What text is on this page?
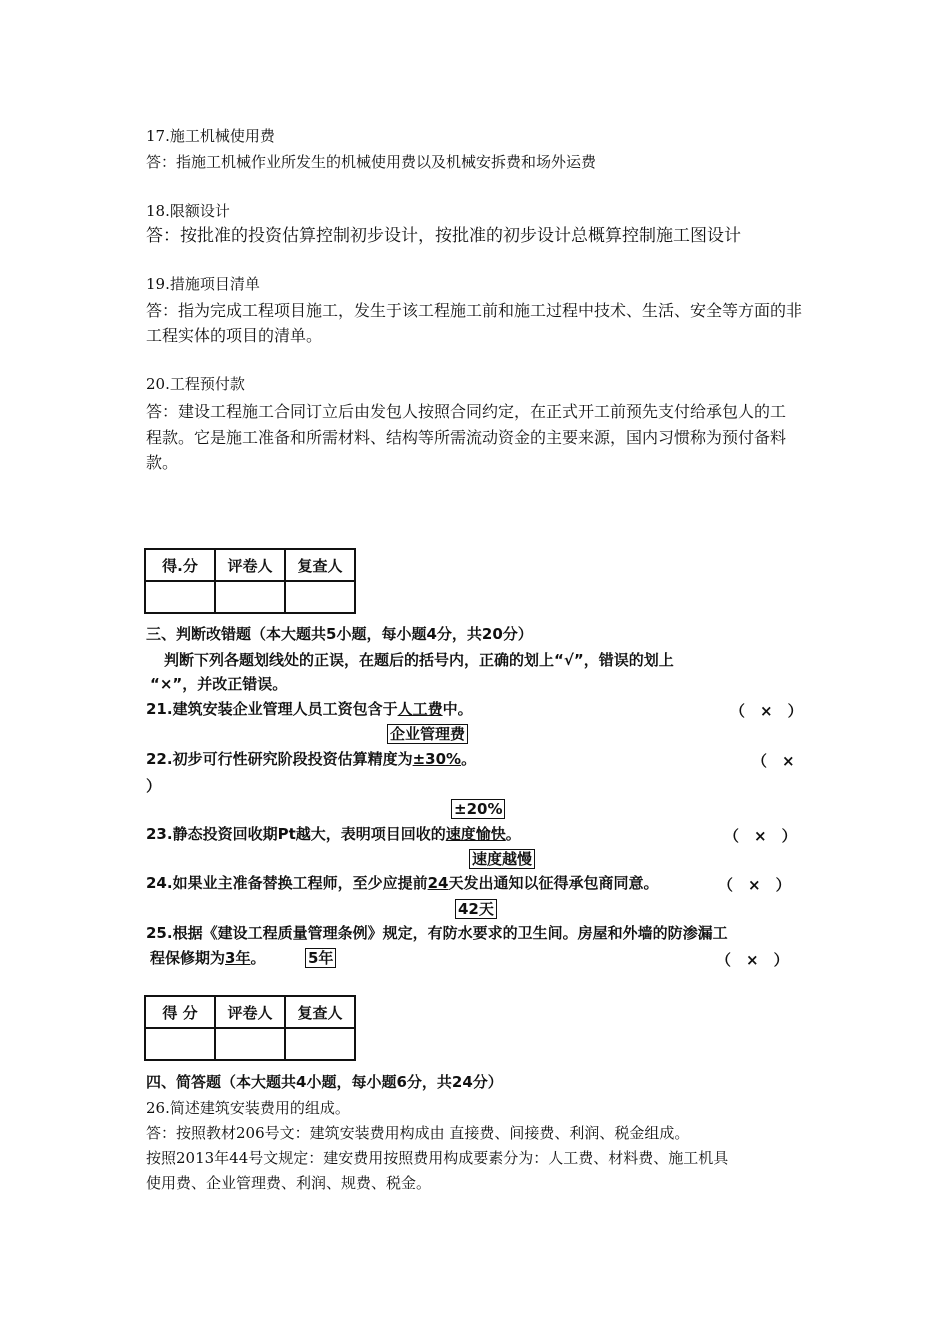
17.施工机械使用费
答：指施工机械作业所发生的机械使用费以及机械安拆费和场外运费
18.限额设计
答：按批准的投资估算控制初步设计，按批准的初步设计总概算控制施工图设计
19.措施项目清单
答：指为完成工程项目施工，发生于该工程施工前和施工过程中技术、生活、安全等方面的非
工程实体的项目的清单。
20.工程预付款
答：建设工程施工合同订立后由发包人按照合同约定，在正式开工前预先支付给承包人的工
程款。它是施工准备和所需材料、结构等所需流动资金的主要来源，国内习惯称为预付备料
款。
得.分	评卷人	复查人

三、判断改错题（本大题共5小题，每小题4分，共20分）
判断下列各题划线处的正误，在题后的括号内，正确的划上“√”，错误的划上
“×”，并改正错误。
21.建筑安装企业管理人员工资包含于人工费中。	（　×　）
企业管理费
22.初步可行性研究阶段投资估算精度为±30%。	（　×
）
±20%
23.静态投资回收期Pt越大，表明项目回收的速度愉快。	（　×　）
速度越慢
24.如果业主准备替换工程师，至少应提前24天发出通知以征得承包商同意。	（　×　）
42天
25.根据《建设工程质量管理条例》规定，有防水要求的卫生间。房屋和外墙的防渗漏工
程保修期为3年。	5年	（　×　）
得 分	评卷人	复查人

四、简答题（本大题共4小题，每小题6分，共24分）
26.简述建筑安装费用的组成。
答：按照教材206号文：建筑安装费用构成由 直接费、间接费、利润、税金组成。
按照2013年44号文规定：建安费用按照费用构成要素分为：人工费、材料费、施工机具
使用费、企业管理费、利润、规费、税金。
